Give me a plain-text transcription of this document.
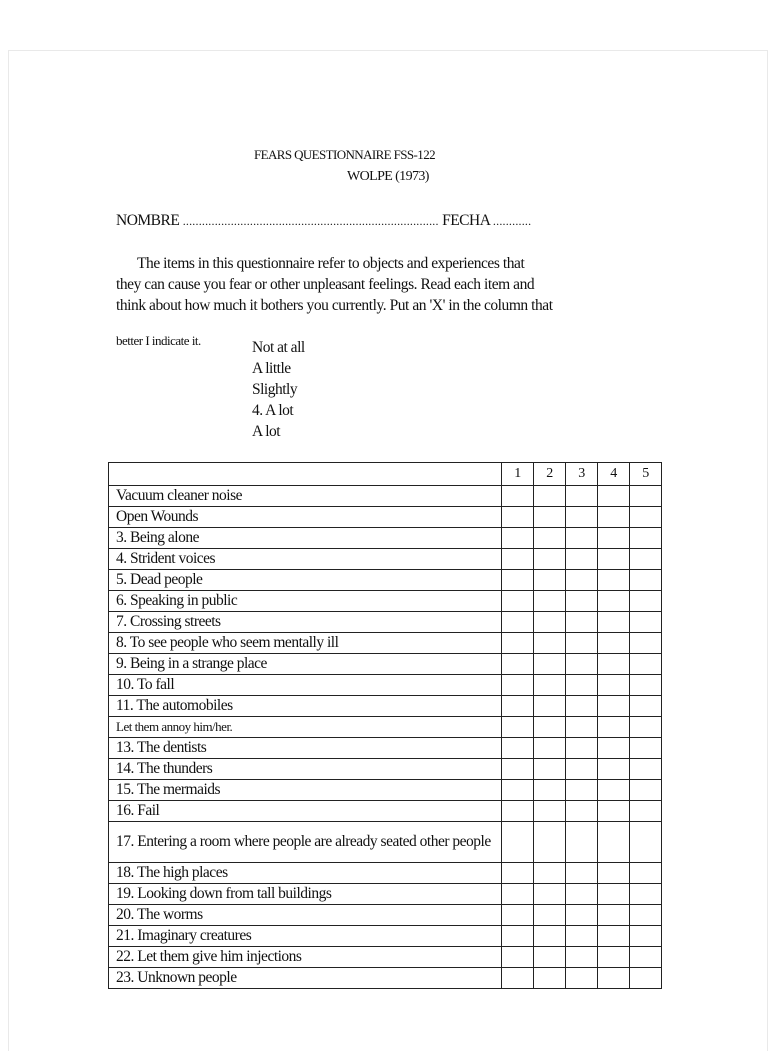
FEARS QUESTIONNAIRE FSS-122
WOLPE (1973)
NOMBRE ................................................................................ FECHA ............

The items in this questionnaire refer to objects and experiences that

they can cause you fear or other unpleasant feelings. Read each item and

think about how much it bothers you currently. Put an 'X' in the column that

better I indicate it.	Not at all
A little
Slightly
4. A lot
A lot
	1	2	3	4	5
Vacuum cleaner noise					
Open Wounds					
3. Being alone					
4. Strident voices					
5. Dead people					
6. Speaking in public					
7. Crossing streets					
8. To see people who seem mentally ill					
9. Being in a strange place					
10. To fall					
11. The automobiles					
Let them annoy him/her.					
13. The dentists					
14. The thunders					
15. The mermaids					
16. Fail					
17. Entering a room where people are already seated other people					
18. The high places					
19. Looking down from tall buildings					
20. The worms					
21. Imaginary creatures					
22. Let them give him injections					
23. Unknown people					
